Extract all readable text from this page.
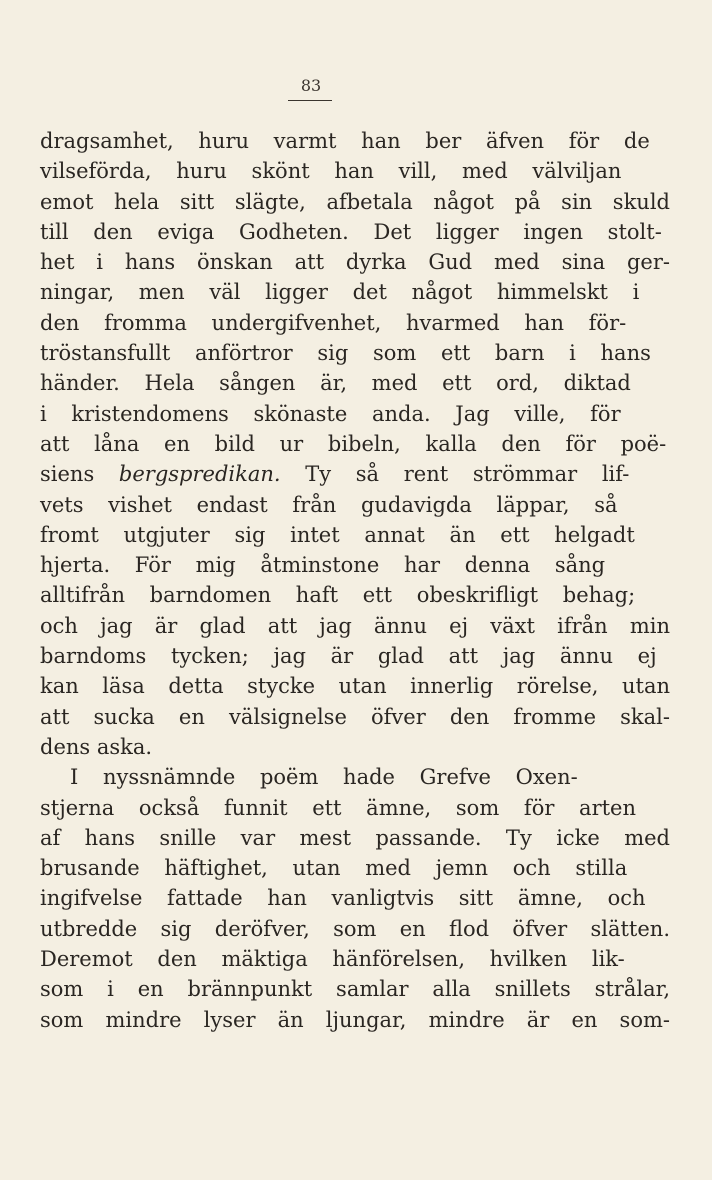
83
dragsamhet, huru varmt han ber äfven för de
vilseförda, huru skönt han vill, med välviljan
emot hela sitt slägte, afbetala något på sin skuld
till den eviga Godheten. Det ligger ingen stolt-
het i hans önskan att dyrka Gud med sina ger-
ningar, men väl ligger det något himmelskt i
den fromma undergifvenhet, hvarmed han för-
tröstansfullt anförtror sig som ett barn i hans
händer. Hela sången är, med ett ord, diktad
i kristendomens skönaste anda. Jag ville, för
att låna en bild ur bibeln, kalla den för poë-
siens bergspredikan. Ty så rent strömmar lif-
vets vishet endast från gudavigda läppar, så
fromt utgjuter sig intet annat än ett helgadt
hjerta. För mig åtminstone har denna sång
alltifrån barndomen haft ett obeskrifligt behag;
och jag är glad att jag ännu ej växt ifrån min
barndoms tycken; jag är glad att jag ännu ej
kan läsa detta stycke utan innerlig rörelse, utan
att sucka en välsignelse öfver den fromme skal-
dens aska.
I nyssnämnde poëm hade Grefve Oxen-
stjerna också funnit ett ämne, som för arten
af hans snille var mest passande. Ty icke med
brusande häftighet, utan med jemn och stilla
ingifvelse fattade han vanligtvis sitt ämne, och
utbredde sig deröfver, som en flod öfver slätten.
Deremot den mäktiga hänförelsen, hvilken lik-
som i en brännpunkt samlar alla snillets strålar,
som mindre lyser än ljungar, mindre är en som-
